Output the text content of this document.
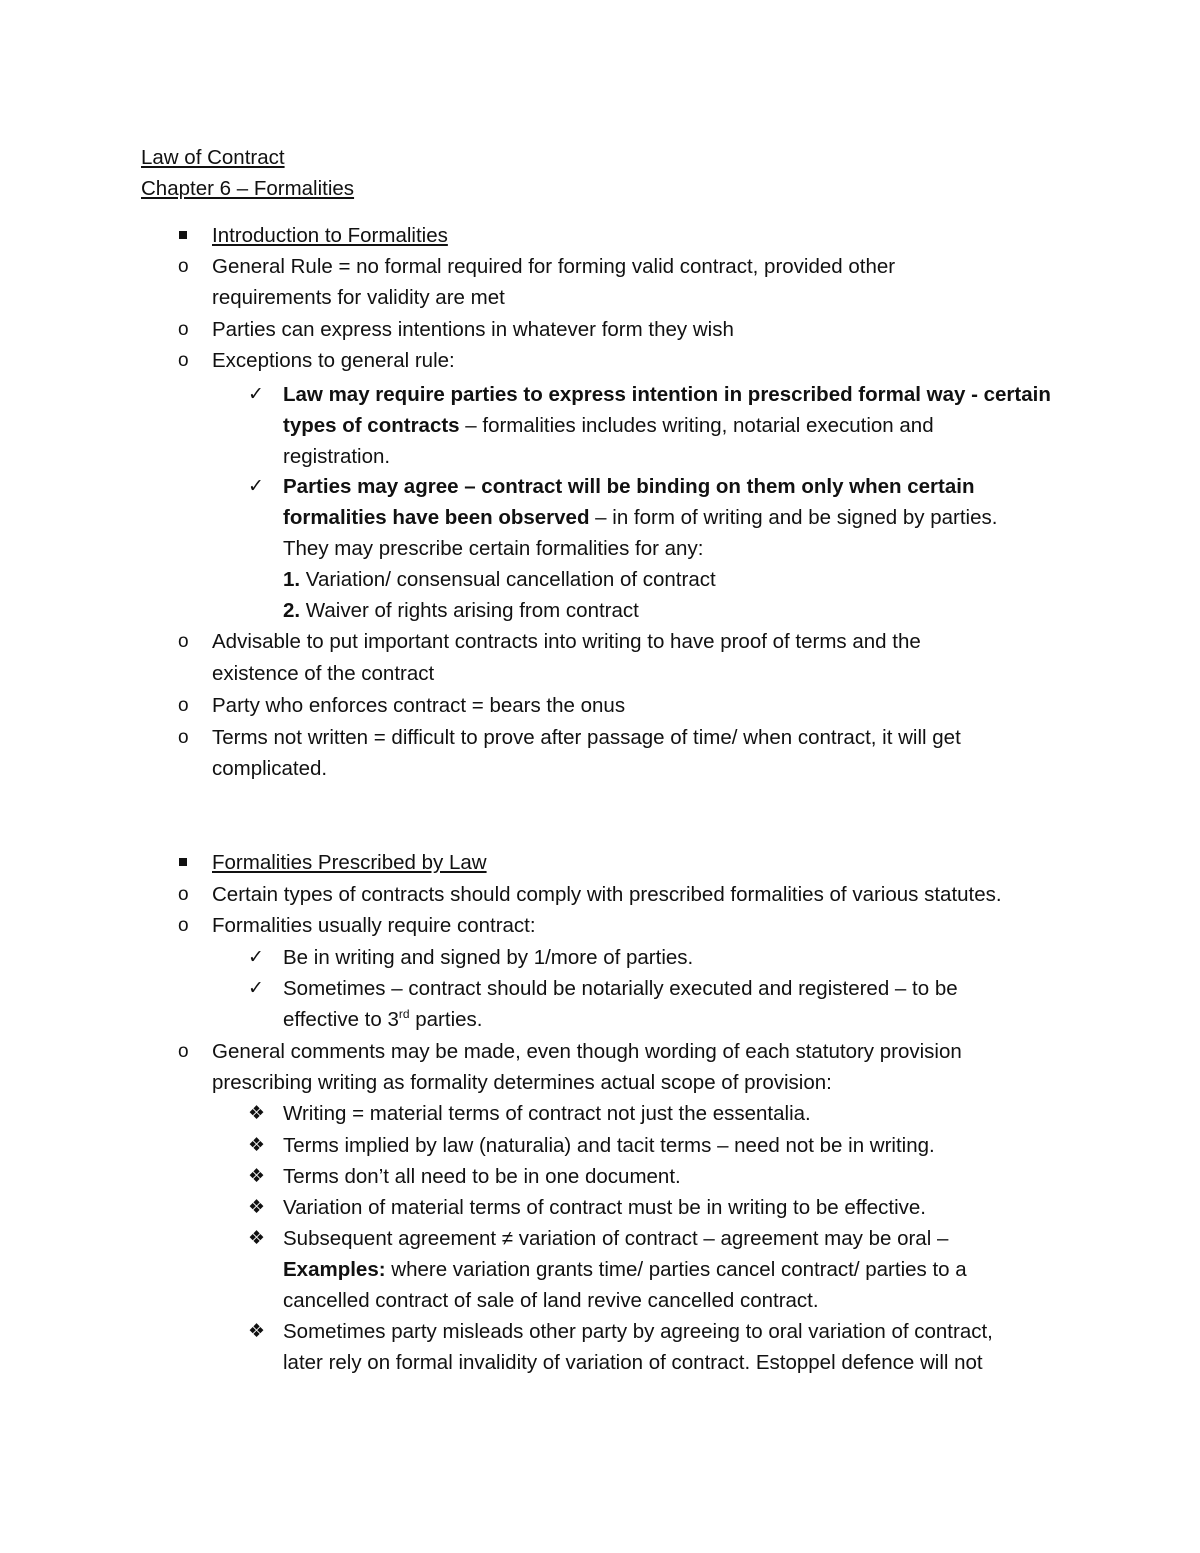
Law of Contract
Chapter 6 – Formalities
Introduction to Formalities
o	General Rule = no formal required for forming valid contract, provided other
requirements for validity are met
o	Parties can express intentions in whatever form they wish
o	Exceptions to general rule:
✓ Law may require parties to express intention in prescribed formal way - certain
types of contracts – formalities includes writing, notarial execution and
registration.
✓ Parties may agree – contract will be binding on them only when certain
formalities have been observed – in form of writing and be signed by parties.
They may prescribe certain formalities for any:
1. Variation/ consensual cancellation of contract
2. Waiver of rights arising from contract
o	Advisable to put important contracts into writing to have proof of terms and the
existence of the contract
o	Party who enforces contract = bears the onus
o	Terms not written = difficult to prove after passage of time/ when contract, it will get
complicated.
Formalities Prescribed by Law
o	Certain types of contracts should comply with prescribed formalities of various statutes.
o	Formalities usually require contract:
✓ Be in writing and signed by 1/more of parties.
✓ Sometimes – contract should be notarially executed and registered – to be
effective to 3rd parties.
o	General comments may be made, even though wording of each statutory provision
prescribing writing as formality determines actual scope of provision:
❖ Writing = material terms of contract not just the essentalia.
❖ Terms implied by law (naturalia) and tacit terms – need not be in writing.
❖ Terms don’t all need to be in one document.
❖ Variation of material terms of contract must be in writing to be effective.
❖ Subsequent agreement ≠ variation of contract – agreement may be oral –
Examples: where variation grants time/ parties cancel contract/ parties to a
cancelled contract of sale of land revive cancelled contract.
❖ Sometimes party misleads other party by agreeing to oral variation of contract,
later rely on formal invalidity of variation of contract. Estoppel defence will not
